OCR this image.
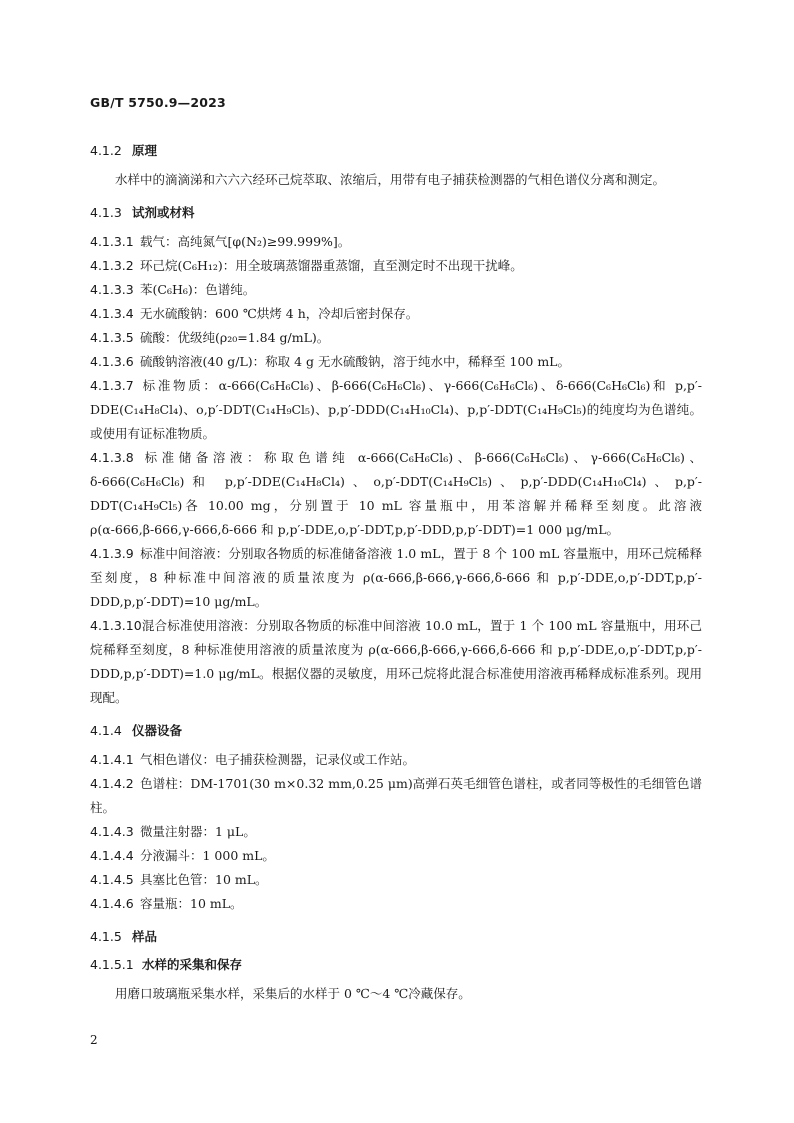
GB/T 5750.9—2023
4.1.2 原理
水样中的滴滴涕和六六六经环己烷萃取、浓缩后，用带有电子捕获检测器的气相色谱仪分离和测定。
4.1.3 试剂或材料
4.1.3.1 载气：高纯氮气[φ(N₂)≥99.999%]。
4.1.3.2 环己烷(C₆H₁₂)：用全玻璃蒸馏器重蒸馏，直至测定时不出现干扰峰。
4.1.3.3 苯(C₆H₆)：色谱纯。
4.1.3.4 无水硫酸钠：600 ℃烘烤 4 h，冷却后密封保存。
4.1.3.5 硫酸：优级纯(ρ₂₀=1.84 g/mL)。
4.1.3.6 硫酸钠溶液(40 g/L)：称取 4 g 无水硫酸钠，溶于纯水中，稀释至 100 mL。
4.1.3.7 标准物质：α-666(C₆H₆Cl₆)、β-666(C₆H₆Cl₆)、γ-666(C₆H₆Cl₆)、δ-666(C₆H₆Cl₆)和 p,p′-DDE(C₁₄H₈Cl₄)、o,p′-DDT(C₁₄H₉Cl₅)、p,p′-DDD(C₁₄H₁₀Cl₄)、p,p′-DDT(C₁₄H₉Cl₅)的纯度均为色谱纯。或使用有证标准物质。
4.1.3.8 标准储备溶液：称取色谱纯 α-666(C₆H₆Cl₆)、β-666(C₆H₆Cl₆)、γ-666(C₆H₆Cl₆)、δ-666(C₆H₆Cl₆)和 p,p′-DDE(C₁₄H₈Cl₄)、o,p′-DDT(C₁₄H₉Cl₅)、p,p′-DDD(C₁₄H₁₀Cl₄)、p,p′-DDT(C₁₄H₉Cl₅)各 10.00 mg，分别置于 10 mL 容量瓶中，用苯溶解并稀释至刻度。此溶液 ρ(α-666,β-666,γ-666,δ-666 和 p,p′-DDE,o,p′-DDT,p,p′-DDD,p,p′-DDT)=1 000 μg/mL。
4.1.3.9 标准中间溶液：分别取各物质的标准储备溶液 1.0 mL，置于 8 个 100 mL 容量瓶中，用环己烷稀释至刻度，8 种标准中间溶液的质量浓度为 ρ(α-666,β-666,γ-666,δ-666 和 p,p′-DDE,o,p′-DDT,p,p′-DDD,p,p′-DDT)=10 μg/mL。
4.1.3.10混合标准使用溶液：分别取各物质的标准中间溶液 10.0 mL，置于 1 个 100 mL 容量瓶中，用环己烷稀释至刻度，8 种标准使用溶液的质量浓度为 ρ(α-666,β-666,γ-666,δ-666 和 p,p′-DDE,o,p′-DDT,p,p′-DDD,p,p′-DDT)=1.0 μg/mL。根据仪器的灵敏度，用环己烷将此混合标准使用溶液再稀释成标准系列。现用现配。
4.1.4 仪器设备
4.1.4.1 气相色谱仪：电子捕获检测器，记录仪或工作站。
4.1.4.2 色谱柱：DM-1701(30 m×0.32 mm,0.25 μm)高弹石英毛细管色谱柱，或者同等极性的毛细管色谱柱。
4.1.4.3 微量注射器：1 μL。
4.1.4.4 分液漏斗：1 000 mL。
4.1.4.5 具塞比色管：10 mL。
4.1.4.6 容量瓶：10 mL。
4.1.5 样品
4.1.5.1 水样的采集和保存
用磨口玻璃瓶采集水样，采集后的水样于 0 ℃～4 ℃冷藏保存。
2
